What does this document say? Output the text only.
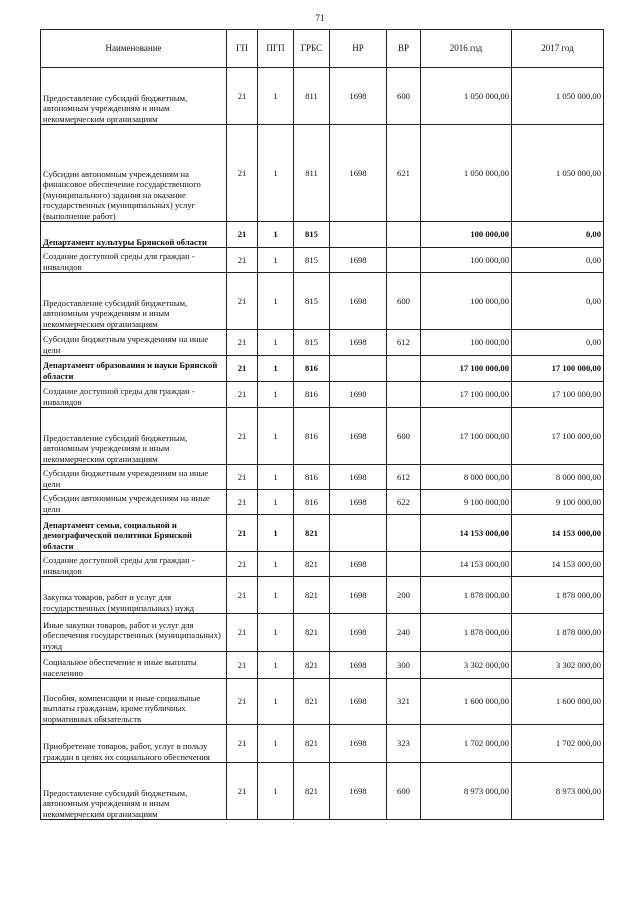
71
Наименование	ГП	ПГП	ГРБС	НР	ВР	2016 год	2017 год
Предоставление субсидий бюджетным, автономным учреждениям и иным некоммерческим организациям	21	1	811	1698	600	1 050 000,00	1 050 000,00
Субсидии автономным учреждениям на финансовое обеспечение государственного (муниципального) задания на оказание государственных (муниципальных) услуг (выполнение работ)	21	1	811	1698	621	1 050 000,00	1 050 000,00
Департамент культуры Брянской области	21	1	815			100 000,00	0,00
Создание доступной среды для граждан - инвалидов	21	1	815	1698		100 000,00	0,00
Предоставление субсидий бюджетным, автономным учреждениям и иным некоммерческим организациям	21	1	815	1698	600	100 000,00	0,00
Субсидии бюджетным учреждениям на иные цели	21	1	815	1698	612	100 000,00	0,00
Департамент образования и науки Брянской области	21	1	816			17 100 000,00	17 100 000,00
Создание доступной среды для граждан - инвалидов	21	1	816	1698		17 100 000,00	17 100 000,00
Предоставление субсидий бюджетным, автономным учреждениям и иным некоммерческим организациям	21	1	816	1698	600	17 100 000,00	17 100 000,00
Субсидии бюджетным учреждениям на иные цели	21	1	816	1698	612	8 000 000,00	8 000 000,00
Субсидии автономным учреждениям на иные цели	21	1	816	1698	622	9 100 000,00	9 100 000,00
Департамент семьи, социальной и демографической политики Брянской области	21	1	821			14 153 000,00	14 153 000,00
Создание доступной среды для граждан - инвалидов	21	1	821	1698		14 153 000,00	14 153 000,00
Закупка товаров, работ и услуг для государственных (муниципальных) нужд	21	1	821	1698	200	1 878 000,00	1 878 000,00
Иные закупки товаров, работ и услуг для обеспечения государственных (муниципальных) нужд	21	1	821	1698	240	1 878 000,00	1 878 000,00
Социальное обеспечение и иные выплаты населению	21	1	821	1698	300	3 302 000,00	3 302 000,00
Пособия, компенсации и иные социальные выплаты гражданам, кроме публичных нормативных обязательств	21	1	821	1698	321	1 600 000,00	1 600 000,00
Приобретение товаров, работ, услуг в пользу граждан в целях их социального обеспечения	21	1	821	1698	323	1 702 000,00	1 702 000,00
Предоставление субсидий бюджетным, автономным учреждениям и иным некоммерческим организациям	21	1	821	1698	600	8 973 000,00	8 973 000,00
